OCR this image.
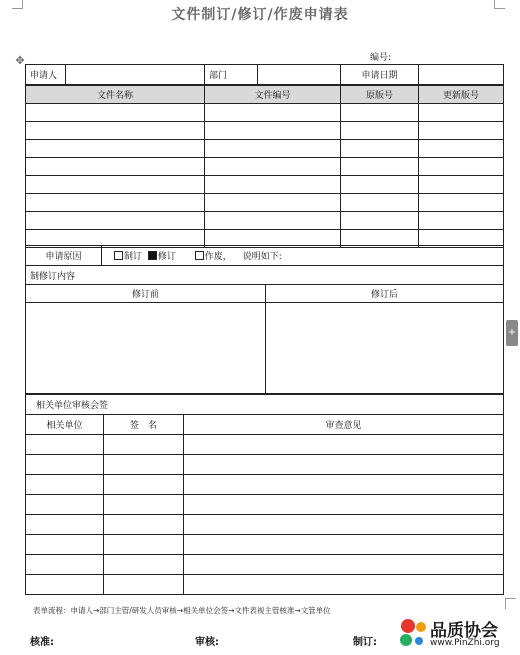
文件制订/修订/作废申请表
✥	编号:
申请人		部门		申请日期	
文件名称	文件编号	原版号	更新版号

申请原因	制订 修订	作废， 说明如下:
制修订内容
修订前	修订后

相关单位审核会签		
相关单位	签　名	审查意见

+
表单流程：申请人→部门主管/研发人员审核→相关单位会签→文件表视主管核准→文管单位
核准:	审核:	制订:
品质协会
www.PinZhi.org
